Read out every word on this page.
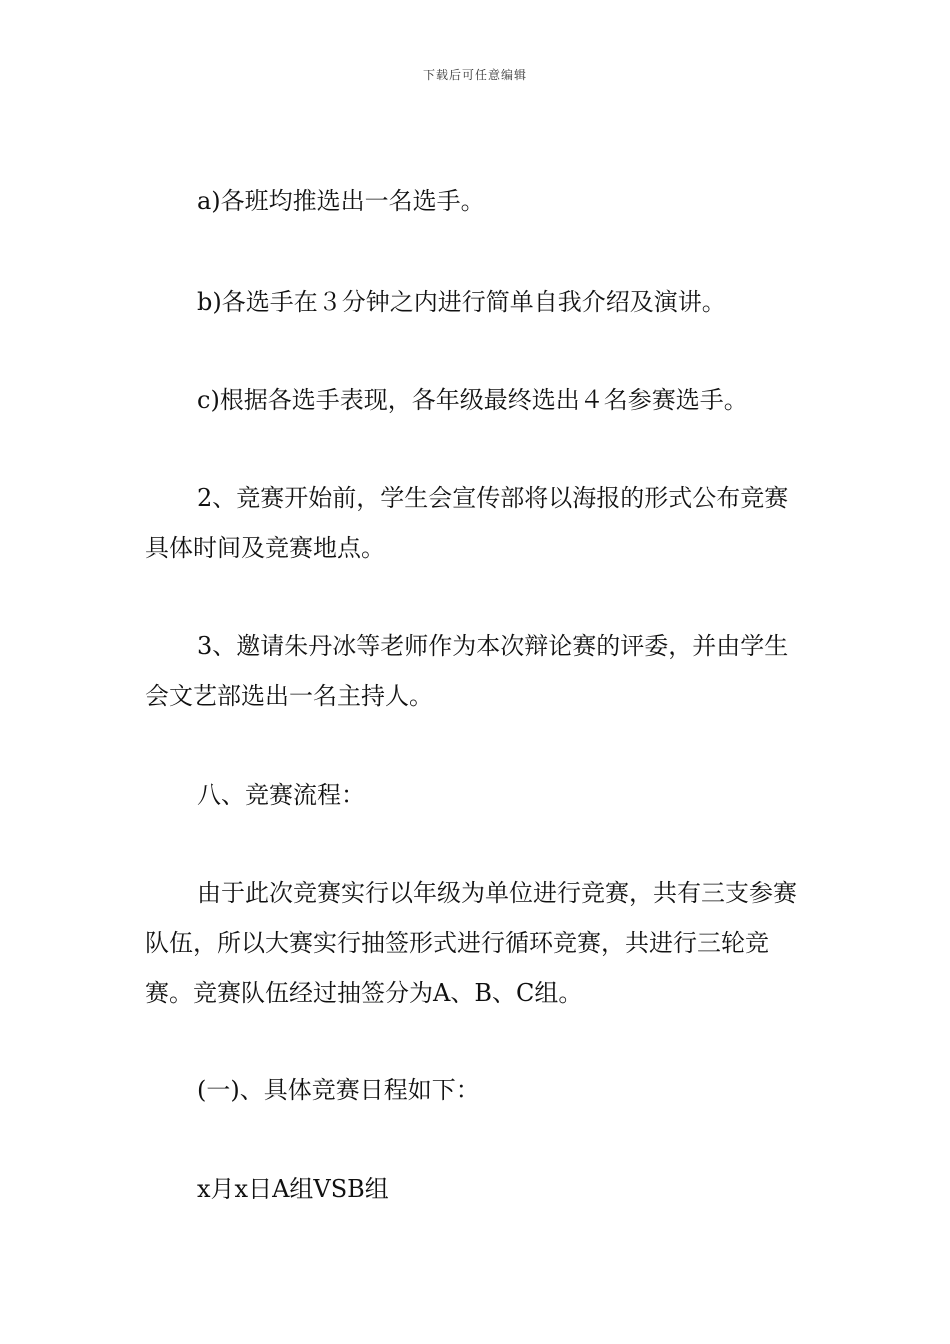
下载后可任意编辑

a)各班均推选出一名选手。

b)各选手在３分钟之内进行简单自我介绍及演讲。

c)根据各选手表现，各年级最终选出４名参赛选手。

2、竞赛开始前，学生会宣传部将以海报的形式公布竞赛具体时间及竞赛地点。

3、邀请朱丹冰等老师作为本次辩论赛的评委，并由学生会文艺部选出一名主持人。

八、竞赛流程：

由于此次竞赛实行以年级为单位进行竞赛，共有三支参赛队伍，所以大赛实行抽签形式进行循环竞赛，共进行三轮竞赛。竞赛队伍经过抽签分为A、B、C组。

(一)、具体竞赛日程如下：

x月x日A组VSB组
